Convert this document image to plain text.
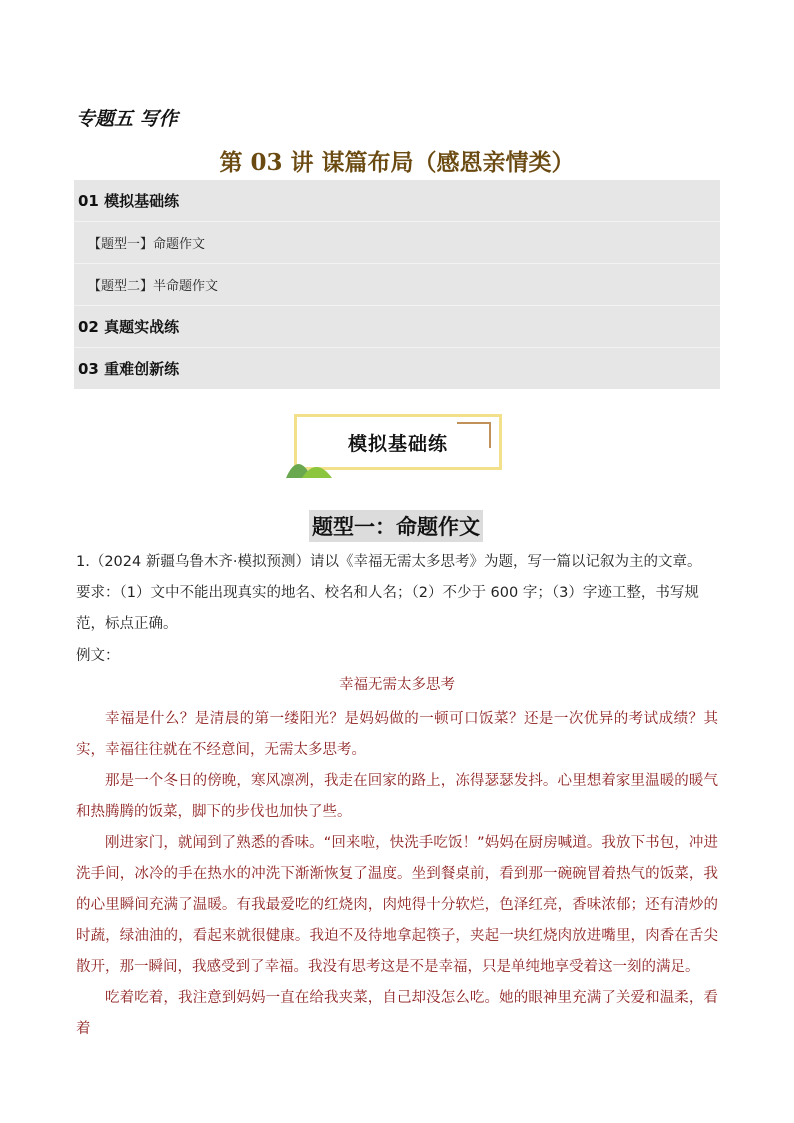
专题五 写作
第 03 讲 谋篇布局（感恩亲情类）
01 模拟基础练
【题型一】命题作文
【题型二】半命题作文
02 真题实战练
03 重难创新练
模拟基础练
题型一：命题作文
1.（2024 新疆乌鲁木齐·模拟预测）请以《幸福无需太多思考》为题，写一篇以记叙为主的文章。
要求：（1）文中不能出现真实的地名、校名和人名；（2）不少于 600 字；（3）字迹工整，书写规范，标点正确。
例文：
幸福无需太多思考

幸福是什么？是清晨的第一缕阳光？是妈妈做的一顿可口饭菜？还是一次优异的考试成绩？其实，幸福往往就在不经意间，无需太多思考。

那是一个冬日的傍晚，寒风凛冽，我走在回家的路上，冻得瑟瑟发抖。心里想着家里温暖的暖气和热腾腾的饭菜，脚下的步伐也加快了些。

刚进家门，就闻到了熟悉的香味。“回来啦，快洗手吃饭！”妈妈在厨房喊道。我放下书包，冲进洗手间，冰冷的手在热水的冲洗下渐渐恢复了温度。坐到餐桌前，看到那一碗碗冒着热气的饭菜，我的心里瞬间充满了温暖。有我最爱吃的红烧肉，肉炖得十分软烂，色泽红亮，香味浓郁；还有清炒的时蔬，绿油油的，看起来就很健康。我迫不及待地拿起筷子，夹起一块红烧肉放进嘴里，肉香在舌尖散开，那一瞬间，我感受到了幸福。我没有思考这是不是幸福，只是单纯地享受着这一刻的满足。

吃着吃着，我注意到妈妈一直在给我夹菜，自己却没怎么吃。她的眼神里充满了关爱和温柔，看着
